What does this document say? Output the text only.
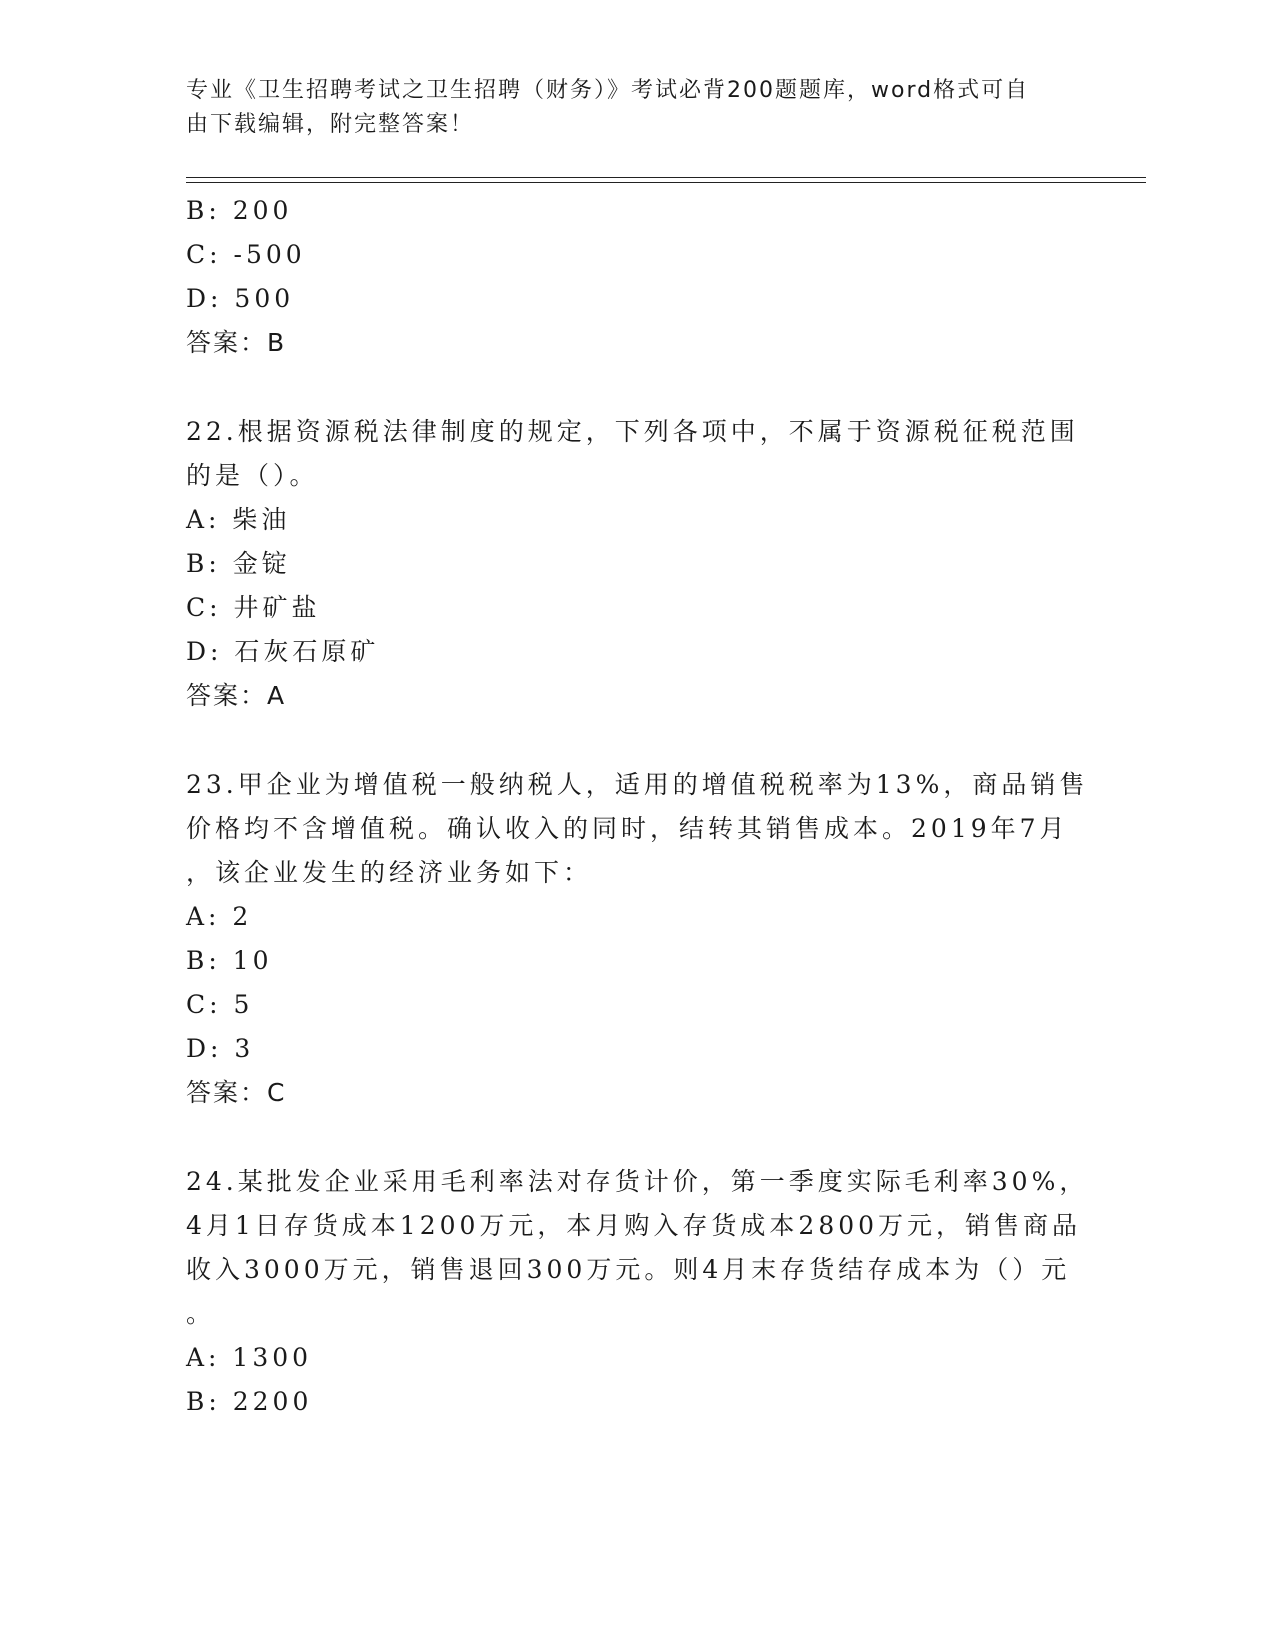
专业《卫生招聘考试之卫生招聘（财务）》考试必背200题题库，word格式可自
由下载编辑，附完整答案！
B: 200
C: -500
D: 500
答案：B
22.根据资源税法律制度的规定，下列各项中，不属于资源税征税范围
的是（）。
A: 柴油
B: 金锭
C: 井矿盐
D: 石灰石原矿
答案：A
23.甲企业为增值税一般纳税人，适用的增值税税率为13%，商品销售
价格均不含增值税。确认收入的同时，结转其销售成本。2019年7月
，该企业发生的经济业务如下：
A: 2
B: 10
C: 5
D: 3
答案：C
24.某批发企业采用毛利率法对存货计价，第一季度实际毛利率30%，
4月1日存货成本1200万元，本月购入存货成本2800万元，销售商品
收入3000万元，销售退回300万元。则4月末存货结存成本为（）元
。
A: 1300
B: 2200
